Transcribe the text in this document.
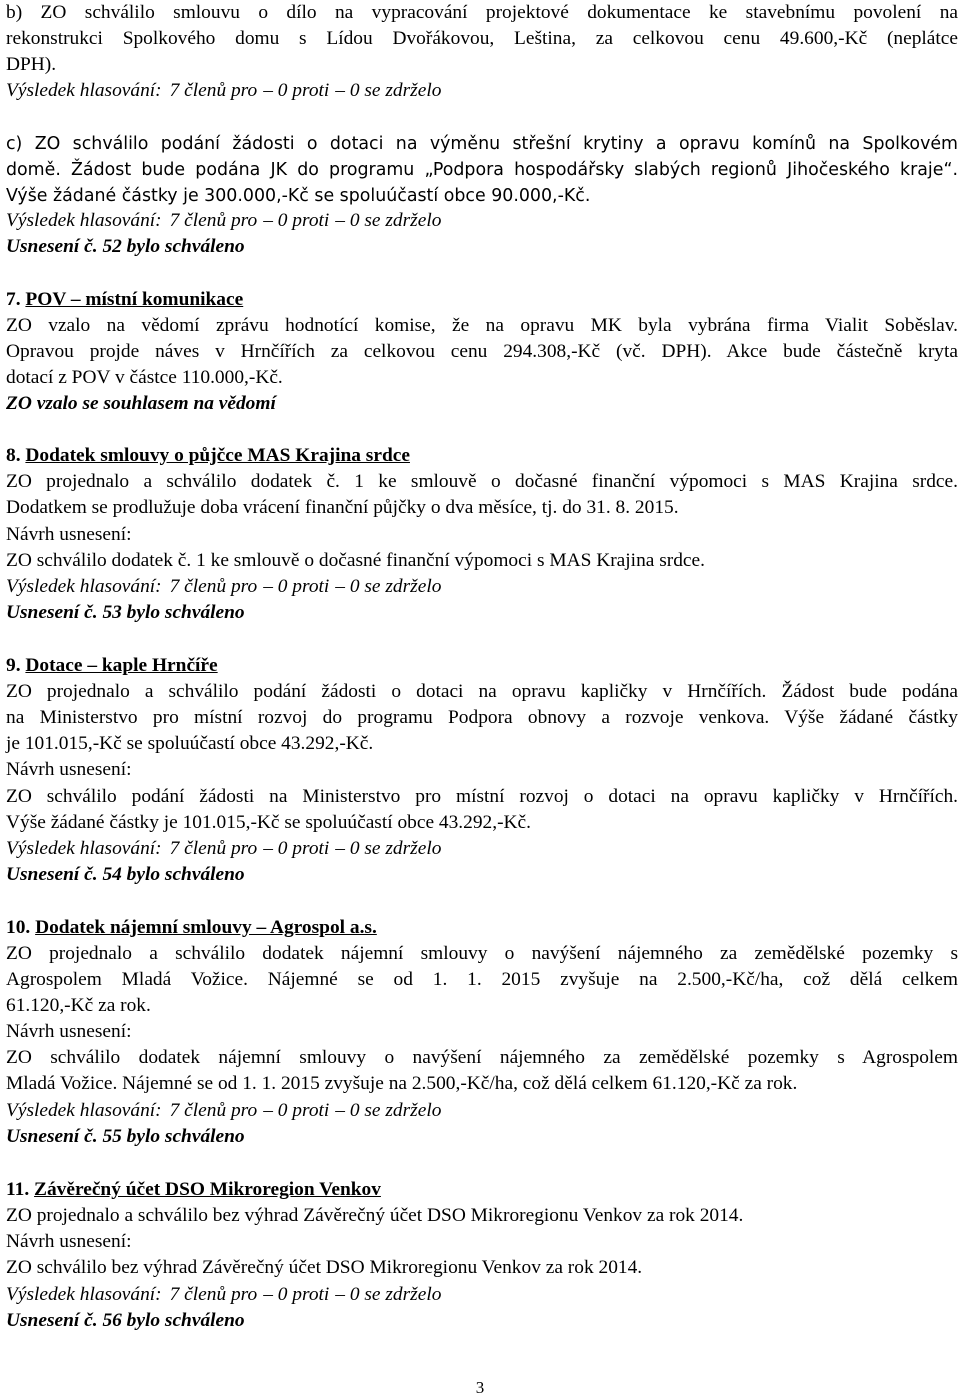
b) ZO schválilo smlouvu o dílo na vypracování projektové dokumentace ke stavebnímu povolení na
rekonstrukci Spolkového domu s Lídou Dvořákovou, Leština, za celkovou cenu 49.600,-Kč (neplátce
DPH).
Výsledek hlasování: 7 členů pro – 0 proti – 0 se zdrželo
c) ZO schválilo podání žádosti o dotaci na výměnu střešní krytiny a opravu komínů na Spolkovém
domě. Žádost bude podána JK do programu „Podpora hospodářsky slabých regionů Jihočeského kraje“.
Výše žádané částky je 300.000,-Kč se spoluúčastí obce 90.000,-Kč.
Výsledek hlasování: 7 členů pro – 0 proti – 0 se zdrželo
Usnesení č. 52 bylo schváleno
7. POV – místní komunikace
ZO vzalo na vědomí zprávu hodnotící komise, že na opravu MK byla vybrána firma Vialit Soběslav.
Opravou projde náves v Hrnčířích za celkovou cenu 294.308,-Kč (vč. DPH). Akce bude částečně kryta
dotací z POV v částce 110.000,-Kč.
ZO vzalo se souhlasem na vědomí
8. Dodatek smlouvy o půjčce MAS Krajina srdce
ZO projednalo a schválilo dodatek č. 1 ke smlouvě o dočasné finanční výpomoci s MAS Krajina srdce.
Dodatkem se prodlužuje doba vrácení finanční půjčky o dva měsíce, tj. do 31. 8. 2015.
Návrh usnesení:
ZO schválilo dodatek č. 1 ke smlouvě o dočasné finanční výpomoci s MAS Krajina srdce.
Výsledek hlasování: 7 členů pro – 0 proti – 0 se zdrželo
Usnesení č. 53 bylo schváleno
9. Dotace – kaple Hrnčíře
ZO projednalo a schválilo podání žádosti o dotaci na opravu kapličky v Hrnčířích. Žádost bude podána
na Ministerstvo pro místní rozvoj do programu Podpora obnovy a rozvoje venkova. Výše žádané částky
je 101.015,-Kč se spoluúčastí obce 43.292,-Kč.
Návrh usnesení:
ZO schválilo podání žádosti na Ministerstvo pro místní rozvoj o dotaci na opravu kapličky v Hrnčířích.
Výše žádané částky je 101.015,-Kč se spoluúčastí obce 43.292,-Kč.
Výsledek hlasování: 7 členů pro – 0 proti – 0 se zdrželo
Usnesení č. 54 bylo schváleno
10. Dodatek nájemní smlouvy – Agrospol a.s.
ZO projednalo a schválilo dodatek nájemní smlouvy o navýšení nájemného za zemědělské pozemky s
Agrospolem Mladá Vožice. Nájemné se od 1. 1. 2015 zvyšuje na 2.500,-Kč/ha, což dělá celkem
61.120,-Kč za rok.
Návrh usnesení:
ZO schválilo dodatek nájemní smlouvy o navýšení nájemného za zemědělské pozemky s Agrospolem
Mladá Vožice. Nájemné se od 1. 1. 2015 zvyšuje na 2.500,-Kč/ha, což dělá celkem 61.120,-Kč za rok.
Výsledek hlasování: 7 členů pro – 0 proti – 0 se zdrželo
Usnesení č. 55 bylo schváleno
11. Závěrečný účet DSO Mikroregion Venkov
ZO projednalo a schválilo bez výhrad Závěrečný účet DSO Mikroregionu Venkov za rok 2014.
Návrh usnesení:
ZO schválilo bez výhrad Závěrečný účet DSO Mikroregionu Venkov za rok 2014.
Výsledek hlasování: 7 členů pro – 0 proti – 0 se zdrželo
Usnesení č. 56 bylo schváleno
3
